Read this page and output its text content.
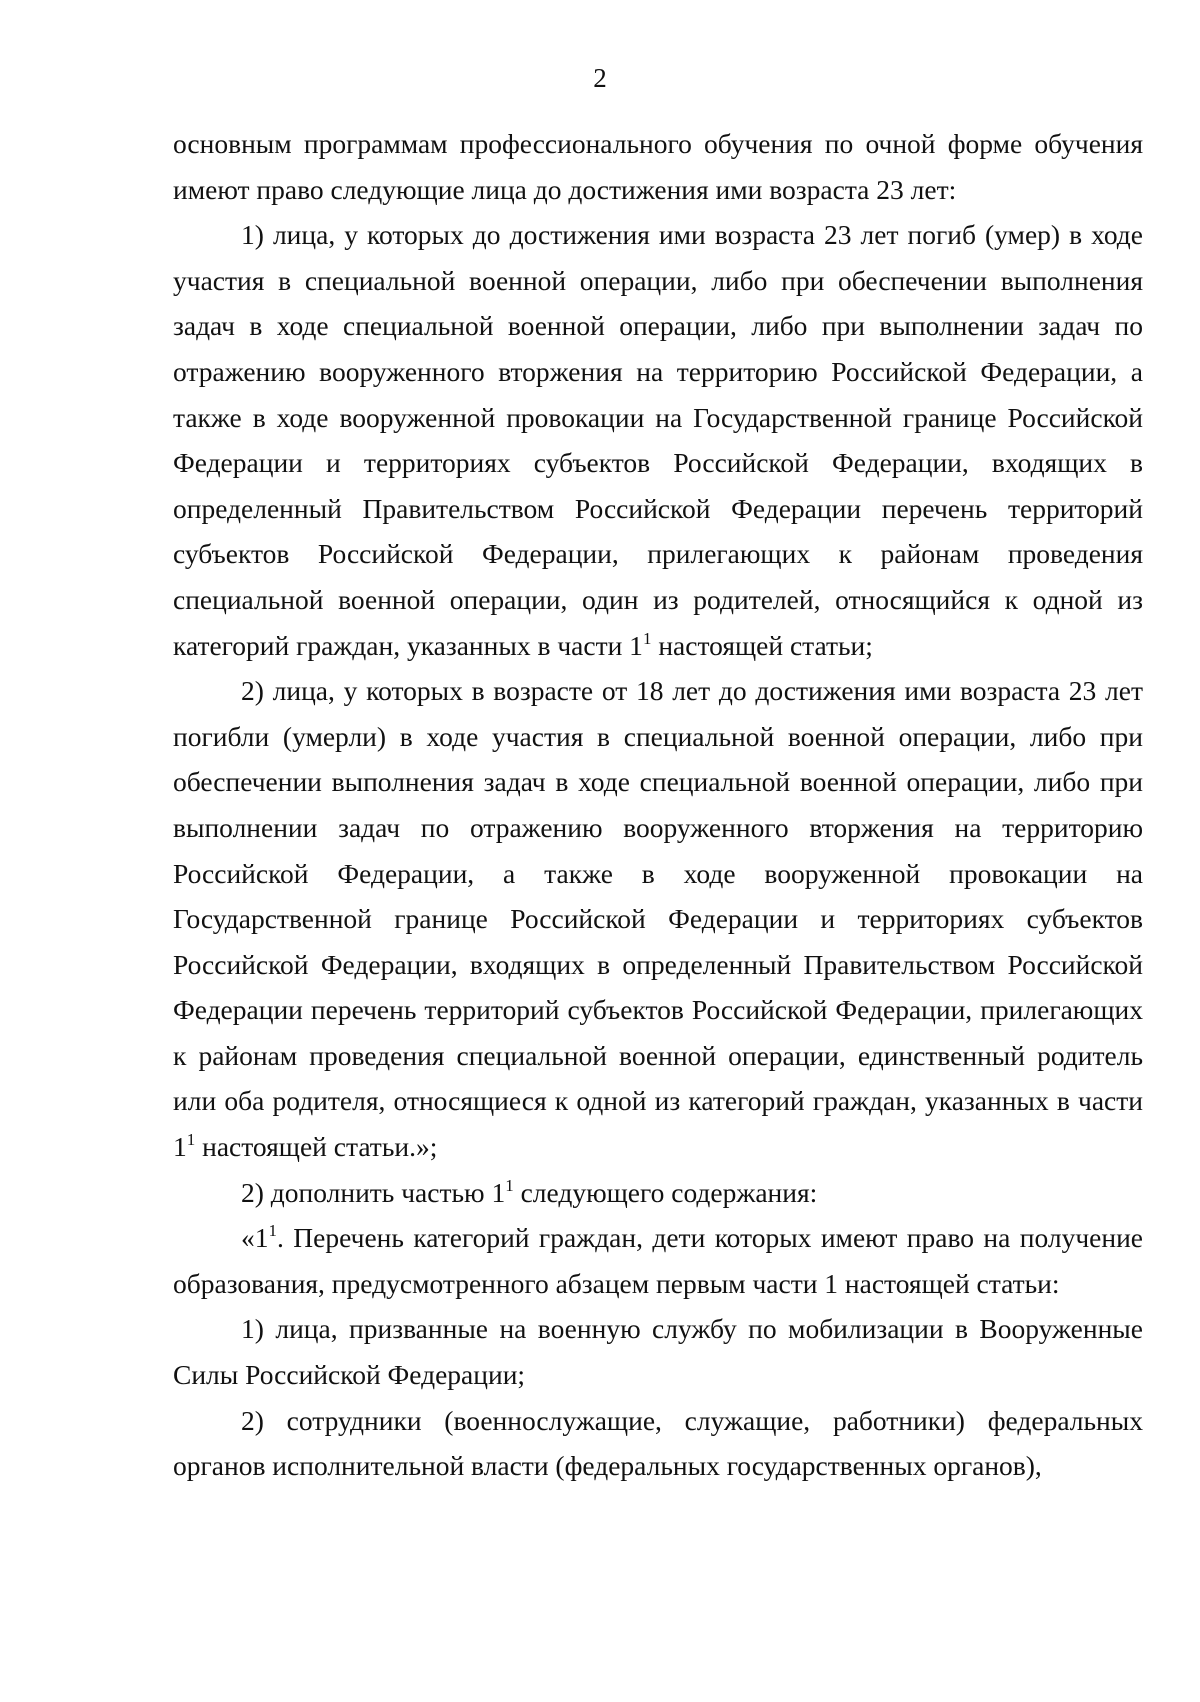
2

основным программам профессионального обучения по очной форме обучения имеют право следующие лица до достижения ими возраста 23 лет:

1) лица, у которых до достижения ими возраста 23 лет погиб (умер) в ходе участия в специальной военной операции, либо при обеспечении выполнения задач в ходе специальной военной операции, либо при выполнении задач по отражению вооруженного вторжения на территорию Российской Федерации, а также в ходе вооруженной провокации на Государственной границе Российской Федерации и территориях субъектов Российской Федерации, входящих в определенный Правительством Российской Федерации перечень территорий субъектов Российской Федерации, прилегающих к районам проведения специальной военной операции, один из родителей, относящийся к одной из категорий граждан, указанных в части $1^1$ настоящей статьи;

2) лица, у которых в возрасте от 18 лет до достижения ими возраста 23 лет погибли (умерли) в ходе участия в специальной военной операции, либо при обеспечении выполнения задач в ходе специальной военной операции, либо при выполнении задач по отражению вооруженного вторжения на территорию Российской Федерации, а также в ходе вооруженной провокации на Государственной границе Российской Федерации и территориях субъектов Российской Федерации, входящих в определенный Правительством Российской Федерации перечень территорий субъектов Российской Федерации, прилегающих к районам проведения специальной военной операции, единственный родитель или оба родителя, относящиеся к одной из категорий граждан, указанных в части $1^1$ настоящей статьи.»;

2) дополнить частью $1^1$ следующего содержания:

«$1^1$. Перечень категорий граждан, дети которых имеют право на получение образования, предусмотренного абзацем первым части 1 настоящей статьи:

1) лица, призванные на военную службу по мобилизации в Вооруженные Силы Российской Федерации;

2) сотрудники (военнослужащие, служащие, работники) федеральных органов исполнительной власти (федеральных государственных органов),
